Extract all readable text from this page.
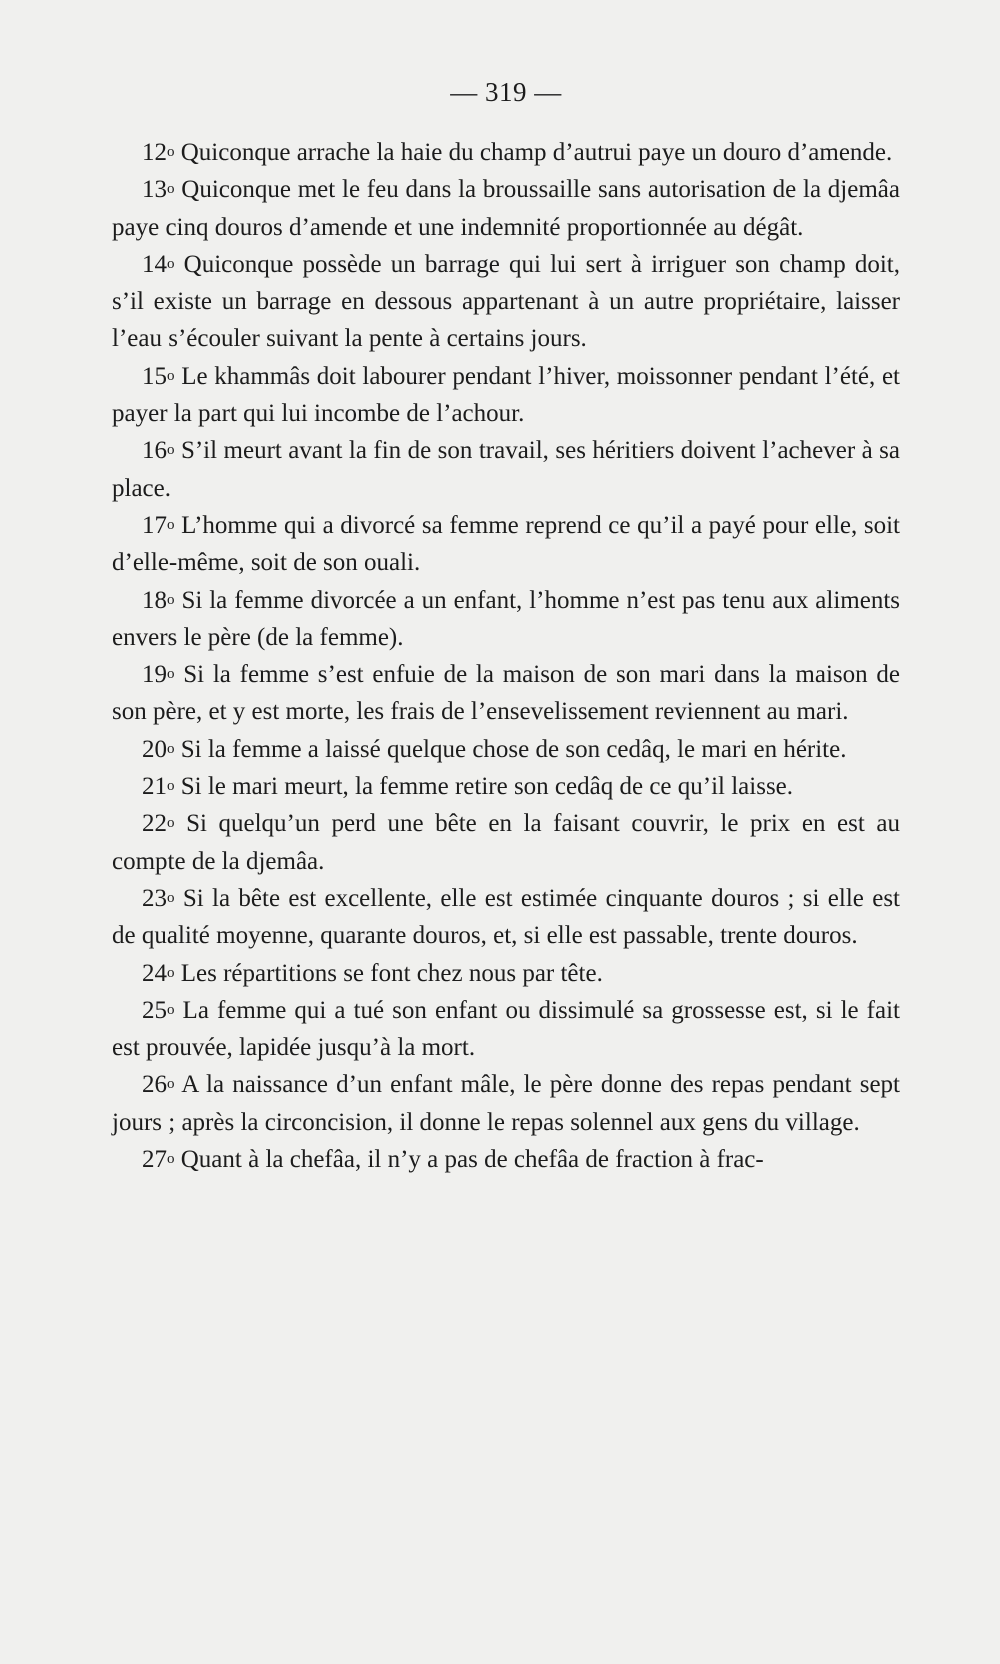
— 319 —

12$^o$ Quiconque arrache la haie du champ d’autrui paye un douro d’amende.

13$^o$ Quiconque met le feu dans la broussaille sans autorisation de la djemâa paye cinq douros d’amende et une indemnité proportionnée au dégât.

14$^o$ Quiconque possède un barrage qui lui sert à irriguer son champ doit, s’il existe un barrage en dessous appartenant à un autre propriétaire, laisser l’eau s’écouler suivant la pente à certains jours.

15$^o$ Le khammâs doit labourer pendant l’hiver, moissonner pendant l’été, et payer la part qui lui incombe de l’achour.

16$^o$ S’il meurt avant la fin de son travail, ses héritiers doivent l’achever à sa place.

17$^o$ L’homme qui a divorcé sa femme reprend ce qu’il a payé pour elle, soit d’elle-même, soit de son ouali.

18$^o$ Si la femme divorcée a un enfant, l’homme n’est pas tenu aux aliments envers le père (de la femme).

19$^o$ Si la femme s’est enfuie de la maison de son mari dans la maison de son père, et y est morte, les frais de l’ensevelissement reviennent au mari.

20$^o$ Si la femme a laissé quelque chose de son cedâq, le mari en hérite.

21$^o$ Si le mari meurt, la femme retire son cedâq de ce qu’il laisse.

22$^o$ Si quelqu’un perd une bête en la faisant couvrir, le prix en est au compte de la djemâa.

23$^o$ Si la bête est excellente, elle est estimée cinquante douros ; si elle est de qualité moyenne, quarante douros, et, si elle est passable, trente douros.

24$^o$ Les répartitions se font chez nous par tête.

25$^o$ La femme qui a tué son enfant ou dissimulé sa grossesse est, si le fait est prouvée, lapidée jusqu’à la mort.

26$^o$ A la naissance d’un enfant mâle, le père donne des repas pendant sept jours ; après la circoncision, il donne le repas solennel aux gens du village.

27$^o$ Quant à la chefâa, il n’y a pas de chefâa de fraction à frac-
